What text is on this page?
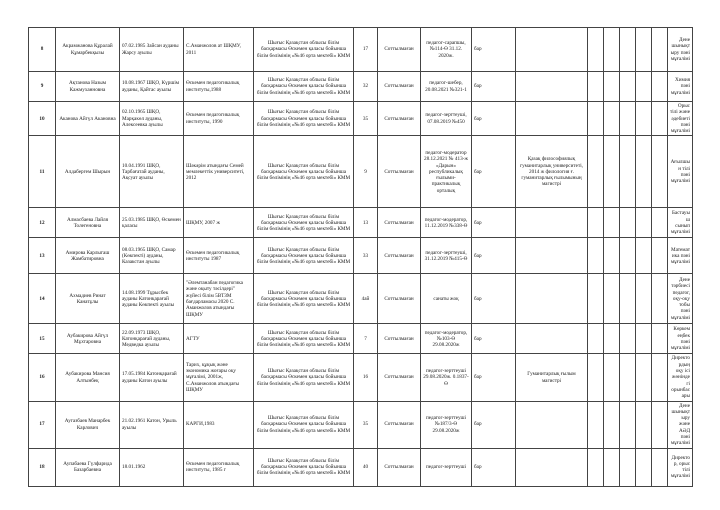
8	Акрамжанова Құралай Құмарбекқызы	07.02.1985 Зайсан ауданы Жарсу ауылы	С.Аманжолов ат ШҚМУ, 2011	Шығыс Қазақстан облысы білім басқармасы Өскемен қаласы бойынша білім бөлімінің «№46 орта мектебі» КММ	17	Соттылмаған	педагог-сарапшы, №114-Ө 31.12. 2020ж.	бар							Дене шынықтыру пәні мұғалімі
9	Ақтанова Назым Кажмуханновна	10.08.1967 ШҚО, Күршім ауданы, Қайтас ауылы	Өскемен педагогикалық институты,1988	Шығыс Қазақстан облысы білім басқармасы Өскемен қаласы бойынша білім бөлімінің «№46 орта мектебі» КММ	32	Соттылмаған	педагог-шебер, 20.08.2021 №321-1	бар							Химия пәні мұғалімі
10	Аканова Айгүл Акановна	02.10.1965 ШҚО, Марқакөл ауданы, Алексеевка ауылы	Өскемен педагогикалық институты, 1990	Шығыс Қазақстан облысы білім басқармасы Өскемен қаласы бойынша білім бөлімінің «№46 орта мектебі» КММ	35	Соттылмаған	педагог-зерттеуші, 07.08.2019 №450	бар							Орыс тілі және әдебиеті пәні мұғалімі
11	Алдабергем Шырын	10.04.1991 ШҚО, Тарбағатай ауданы, Ақсуат ауылы	Шәкәрім атындағы Семей мемлекеттік университеті, 2012	Шығыс Қазақстан облысы білім басқармасы Өскемен қаласы бойынша білім бөлімінің «№46 орта мектебі» КММ	9	Соттылмаған	педагог-модератор 28.12.2021 № 413-ж «Дарын» республикалық ғылыми-практикалық орталық	бар	Қазақ философиялық гуманитарлық университеті, 2014 ж филология ғ. гуманитарлық ғылымының магистрі						Ағылшын тілі пәні мұғалімі
12	Алмасбаева Лайля Толегеновна	25.03.1985 ШҚО, Өскемен қаласы	ШҚМУ, 2007 ж	Шығыс Қазақстан облысы білім басқармасы Өскемен қаласы бойынша білім бөлімінің «№46 орта мектебі» КММ	13	Соттылмаған	педагог-модератор, 11.12.2019 №338-Ө	бар							Бастауыш сынып мұғалімі
13	Амирова Карлыгаш Жамбатировна	08.03.1965 ШҚО, Самар (Көкпекті) ауданы, Казакстан ауылы	Өскемен педагогикалық институты 1987	Шығыс Қазақстан облысы білім басқармасы Өскемен қаласы бойынша білім бөлімінің «№46 орта мектебі» КММ	33	Соттылмаған	педагог-зерттеуші, 31.12.2019 №415-Ө	бар							Математика пәні мұғалімі
14	Ахмадиев Ринат Канатұлы	14.08.1999 Тұрысбек ауданы Катонқарағай ауданы Көкпекті ауылы	"Әлемтанабан педагогика және оқыту тәсілдері" жүйесі білім 5ВТЗМ бағдарламасы 2020 С. Аманжолов атындағы ШҚМУ	Шығыс Қазақстан облысы білім басқармасы Өскемен қаласы бойынша білім бөлімінің «№46 орта мектебі» КММ	4ай	Соттылмаған	санаты жоқ	бар							Дене тәрбиесі педагог, оқу-оқу тобы пәні мұғалімі
15	Аубакирова Айгүл Мұхтаровна	22.09.1973 ШҚО, Катонқарағай ауданы, Медведка ауылы	АГТУ	Шығыс Қазақстан облысы білім басқармасы Өскемен қаласы бойынша білім бөлімінің «№46 орта мектебі» КММ	7	Соттылмаған	педагог-модератор, №103-Ө 29.08.2020ж	бар							Көркем еңбек пәні мұғалімі
16	Аубакирова Мансия Алтынбеқ	17.05.1984 Катонқарағай ауданы Катон ауылы	Тарих, құқық және экономика жоғары оқу мұғалімі, 2001ж, С.Аманжолов атындағы ШҚМУ	Шығыс Қазақстан облысы білім басқармасы Өскемен қаласы бойынша білім бөлімінің «№46 орта мектебі» КММ	16	Соттылмаған	педагог-зерттеуші 29.08.2020ж. 0.1837-Ө	бар	Гуманитарлық ғылым магистрі						Директордың оқу ісі жөніндегі орынбасары
17	Аугазбаев Манарбек Карлович	21.02.1961 Катон, Урыль ауылы	КАРГИ,1983	Шығыс Қазақстан облысы білім басқармасы Өскемен қаласы бойынша білім бөлімінің «№46 орта мектебі» КММ	35	Соттылмаған	педагог-зерттеуші №187/3-Ө 29.08.2020ж	бар							Дене шынықтыру және АӘД пәні мұғалімі
18	Аупабаева Гүлфарида Базарбаевна	18.01.1962	Өскемен педагогикалық институты, 1985 г	Шығыс Қазақстан облысы білім басқармасы Өскемен қаласы бойынша білім бөлімінің «№46 орта мектебі» КММ	40	Соттылмаған	педагог-зерттеуші	бар							Директор, орыс тілі мұғалімі
